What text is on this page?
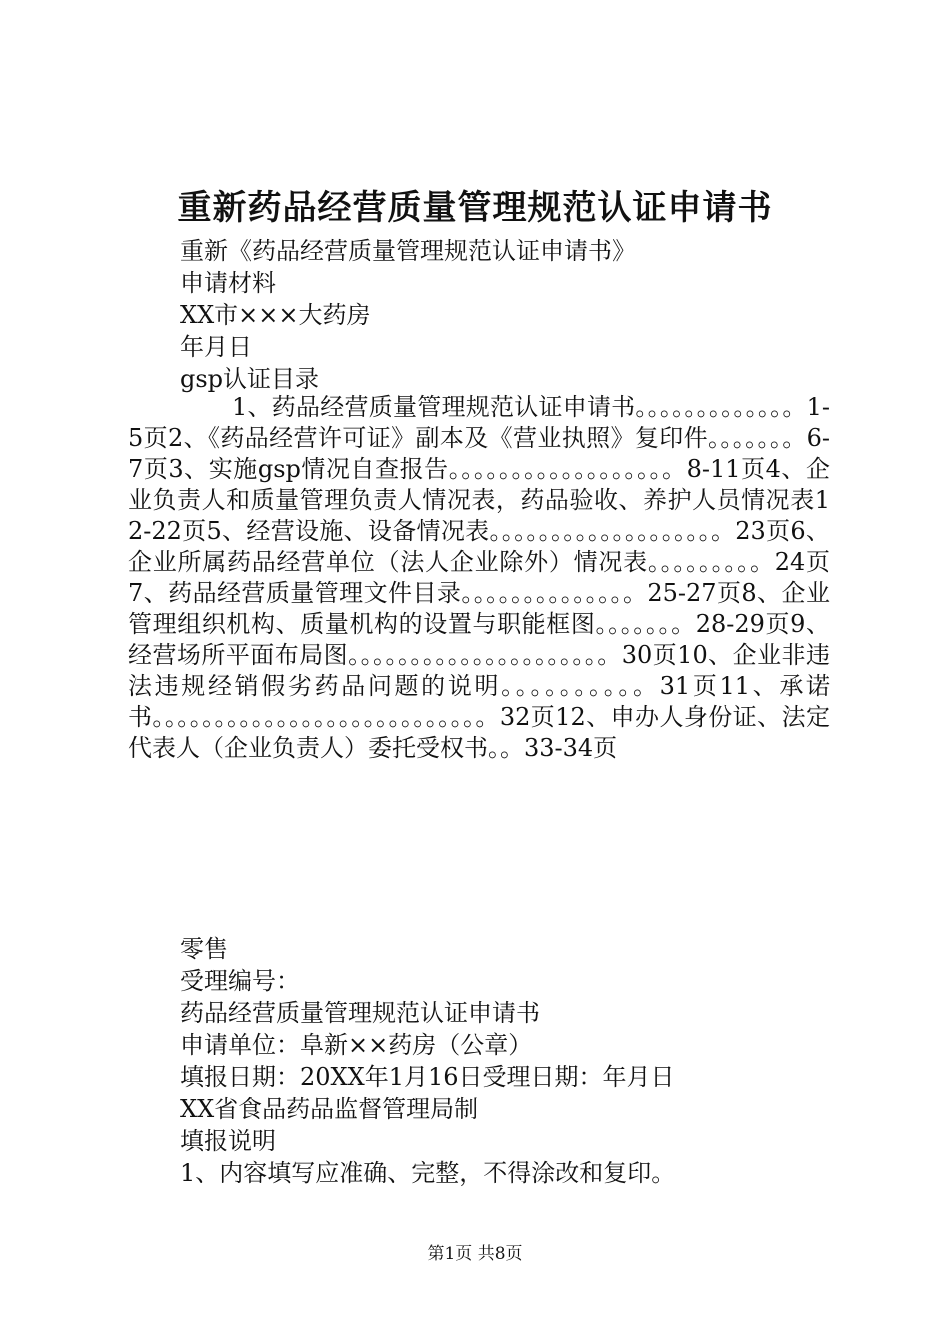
重新药品经营质量管理规范认证申请书
重新《药品经营质量管理规范认证申请书》
申请材料
XX市×××大药房
年月日
gsp认证目录
1、药品经营质量管理规范认证申请书。。。。。。。。。。。。。1-5页2、《药品经营许可证》副本及《营业执照》复印件。。。。。。。6-7页3、实施gsp情况自查报告。。。。。。。。。。。。。。。。。。8-11页4、企业负责人和质量管理负责人情况表，药品验收、养护人员情况表12-22页5、经营设施、设备情况表。。。。。。。。。。。。。。。。。。。23页6、企业所属药品经营单位（法人企业除外）情况表。。。。。。。。。24页7、药品经营质量管理文件目录。。。。。。。。。。。。。。25-27页8、企业管理组织机构、质量机构的设置与职能框图。。。。。。。28-29页9、经营场所平面布局图。。。。。。。。。。。。。。。。。。。。。30页10、企业非违法违规经销假劣药品问题的说明。。。。。。。。。。31页11、承诺书。。。。。。。。。。。。。。。。。。。。。。。。。。。32页12、申办人身份证、法定代表人（企业负责人）委托受权书。。33-34页
零售
受理编号：
药品经营质量管理规范认证申请书
申请单位：阜新××药房（公章）
填报日期：20XX年1月16日受理日期：年月日
XX省食品药品监督管理局制
填报说明
1、内容填写应准确、完整，不得涂改和复印。
第1页 共8页
